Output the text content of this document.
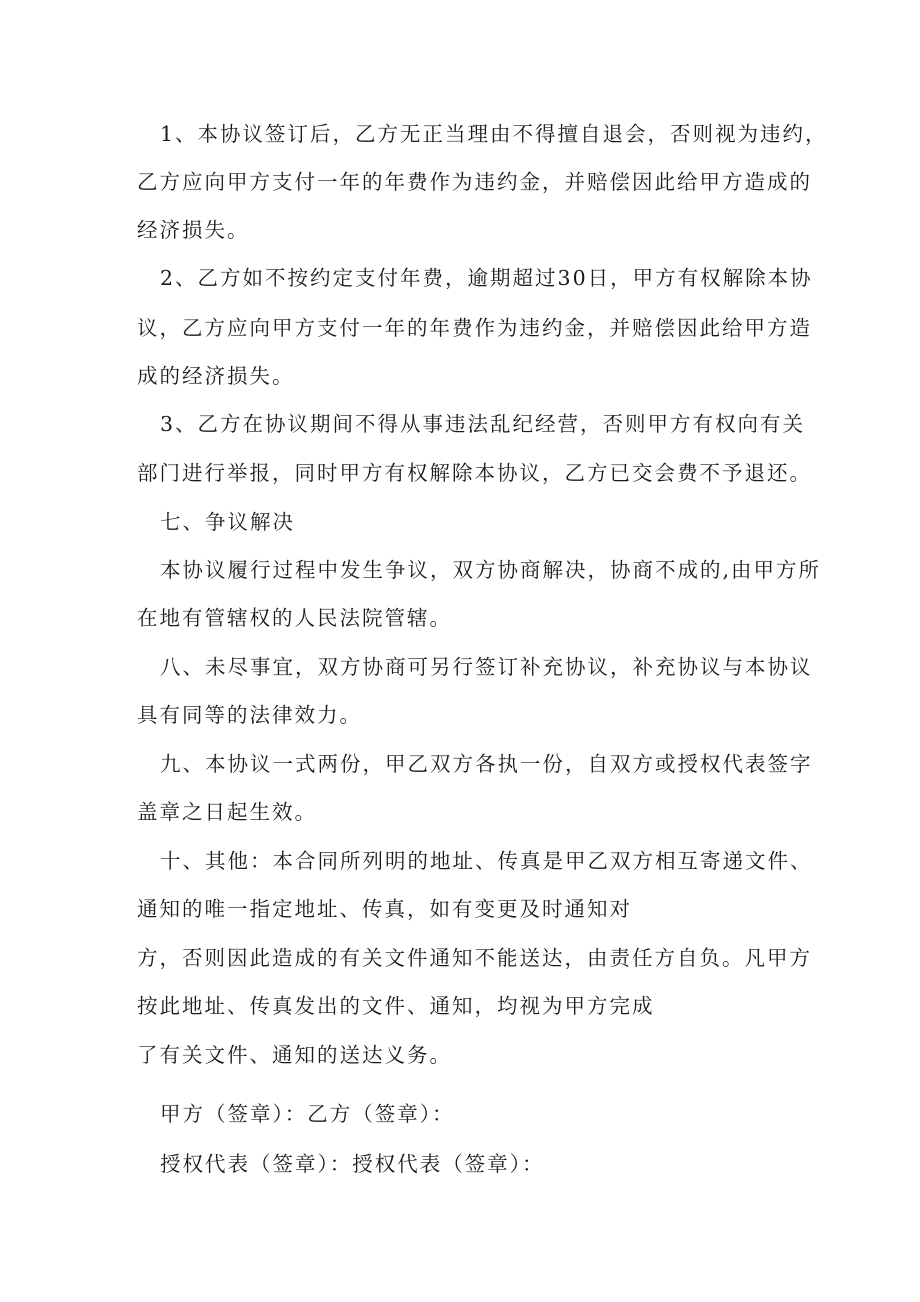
1、本协议签订后，乙方无正当理由不得擅自退会，否则视为违约，

乙方应向甲方支付一年的年费作为违约金，并赔偿因此给甲方造成的

经济损失。

2、乙方如不按约定支付年费，逾期超过30日，甲方有权解除本协

议，乙方应向甲方支付一年的年费作为违约金，并赔偿因此给甲方造

成的经济损失。

3、乙方在协议期间不得从事违法乱纪经营，否则甲方有权向有关

部门进行举报，同时甲方有权解除本协议，乙方已交会费不予退还。

七、争议解决

本协议履行过程中发生争议，双方协商解决，协商不成的,由甲方所

在地有管辖权的人民法院管辖。

八、未尽事宜，双方协商可另行签订补充协议，补充协议与本协议

具有同等的法律效力。

九、本协议一式两份，甲乙双方各执一份，自双方或授权代表签字

盖章之日起生效。

十、其他：本合同所列明的地址、传真是甲乙双方相互寄递文件、

通知的唯一指定地址、传真，如有变更及时通知对

方，否则因此造成的有关文件通知不能送达，由责任方自负。凡甲方

按此地址、传真发出的文件、通知，均视为甲方完成

了有关文件、通知的送达义务。

甲方（签章）：乙方（签章）：

授权代表（签章）：授权代表（签章）：
